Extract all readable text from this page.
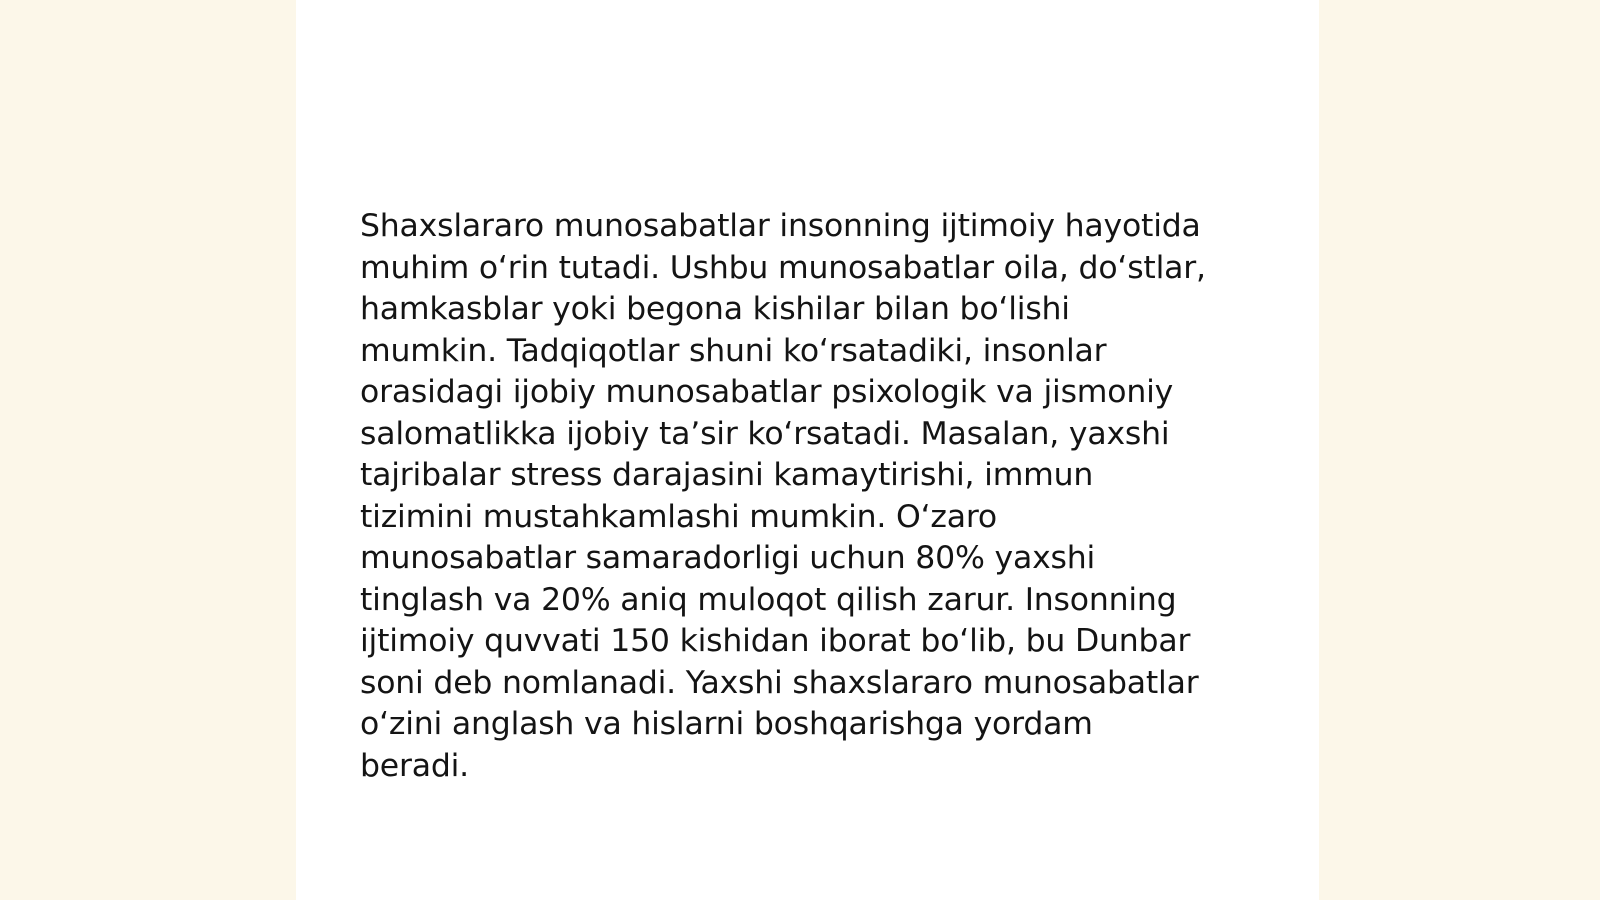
Shaxslararo munosabatlar insonning ijtimoiy hayotida
muhim oʻrin tutadi. Ushbu munosabatlar oila, doʻstlar,
hamkasblar yoki begona kishilar bilan boʻlishi
mumkin. Tadqiqotlar shuni koʻrsatadiki, insonlar
orasidagi ijobiy munosabatlar psixologik va jismoniy
salomatlikka ijobiy taʼsir koʻrsatadi. Masalan, yaxshi
tajribalar stress darajasini kamaytirishi, immun
tizimini mustahkamlashi mumkin. Oʻzaro
munosabatlar samaradorligi uchun 80% yaxshi
tinglash va 20% aniq muloqot qilish zarur. Insonning
ijtimoiy quvvati 150 kishidan iborat boʻlib, bu Dunbar
soni deb nomlanadi. Yaxshi shaxslararo munosabatlar
oʻzini anglash va hislarni boshqarishga yordam
beradi.
